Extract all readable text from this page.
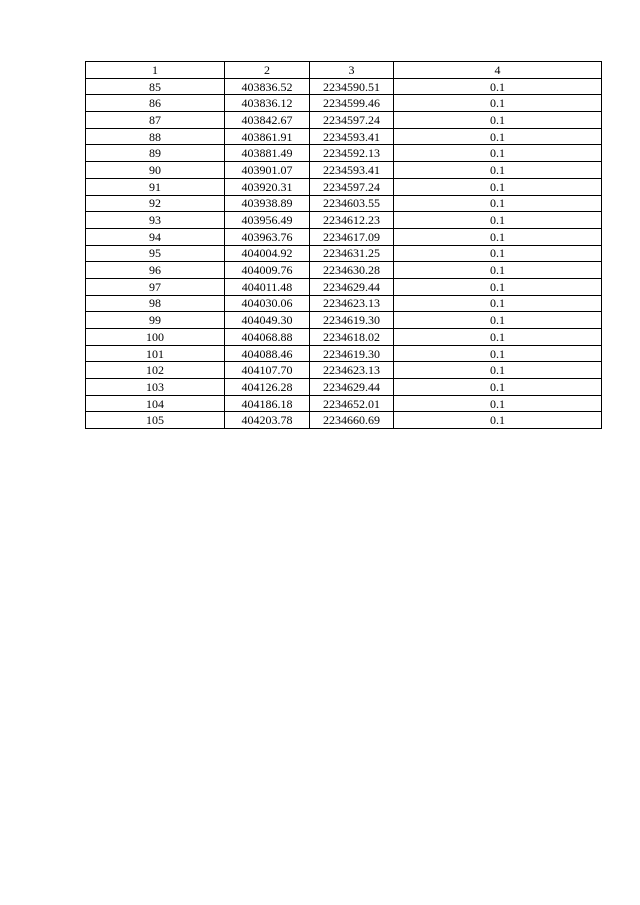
1	2	3	4
85	403836.52	2234590.51	0.1
86	403836.12	2234599.46	0.1
87	403842.67	2234597.24	0.1
88	403861.91	2234593.41	0.1
89	403881.49	2234592.13	0.1
90	403901.07	2234593.41	0.1
91	403920.31	2234597.24	0.1
92	403938.89	2234603.55	0.1
93	403956.49	2234612.23	0.1
94	403963.76	2234617.09	0.1
95	404004.92	2234631.25	0.1
96	404009.76	2234630.28	0.1
97	404011.48	2234629.44	0.1
98	404030.06	2234623.13	0.1
99	404049.30	2234619.30	0.1
100	404068.88	2234618.02	0.1
101	404088.46	2234619.30	0.1
102	404107.70	2234623.13	0.1
103	404126.28	2234629.44	0.1
104	404186.18	2234652.01	0.1
105	404203.78	2234660.69	0.1
